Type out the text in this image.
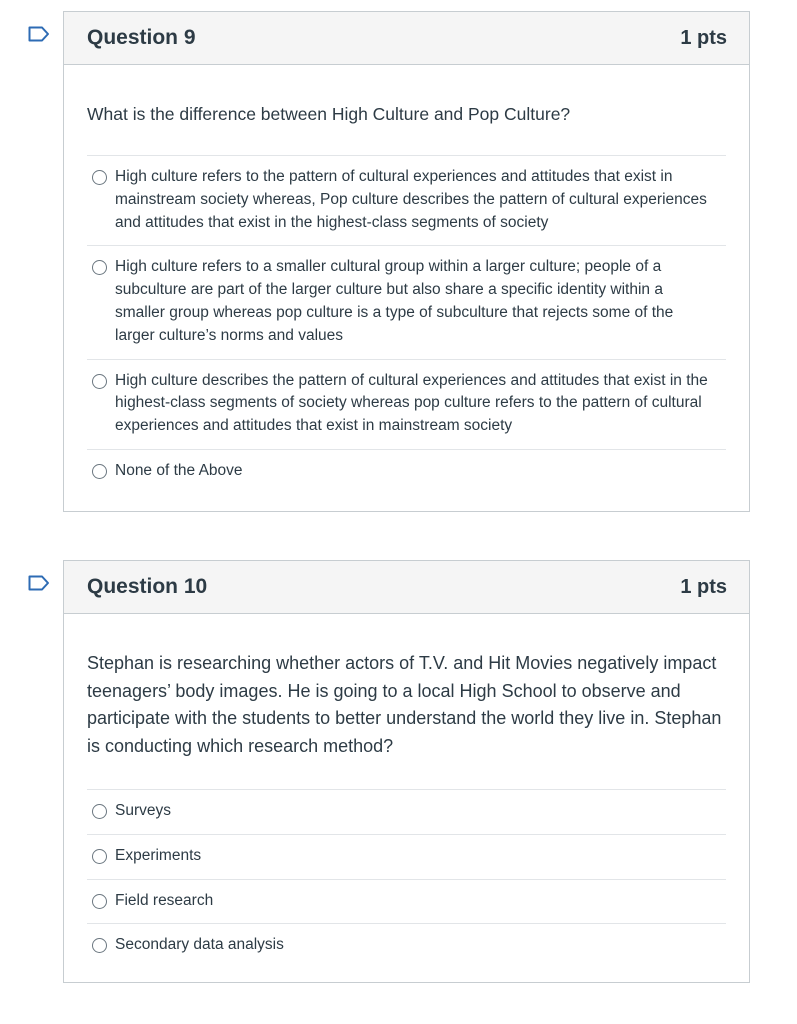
Question 9	1 pts
What is the difference between High Culture and Pop Culture?
High culture refers to the pattern of cultural experiences and attitudes that exist in mainstream society whereas, Pop culture describes the pattern of cultural experiences and attitudes that exist in the highest-class segments of society
High culture refers to a smaller cultural group within a larger culture; people of a subculture are part of the larger culture but also share a specific identity within a smaller group whereas pop culture is a type of subculture that rejects some of the larger culture’s norms and values
High culture describes the pattern of cultural experiences and attitudes that exist in the highest-class segments of society whereas pop culture refers to the pattern of cultural experiences and attitudes that exist in mainstream society
None of the Above
Question 10	1 pts
Stephan is researching whether actors of T.V. and Hit Movies negatively impact teenagers’ body images. He is going to a local High School to observe and participate with the students to better understand the world they live in. Stephan is conducting which research method?
Surveys
Experiments
Field research
Secondary data analysis
